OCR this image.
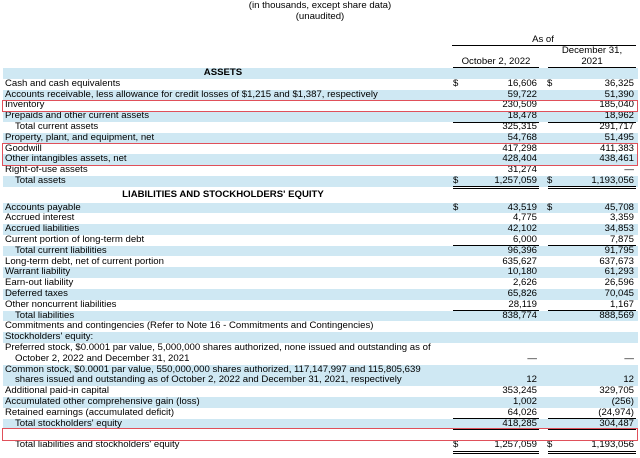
(in thousands, except share data)
(unaudited)
As of
October 2, 2022
December 31,
2021
ASSETS
Cash and cash equivalents	$	16,606 $	36,325
Accounts receivable, less allowance for credit losses of $1,215 and $1,387, respectively	59,722	51,390
Inventory	230,509	185,040
Prepaids and other current assets	18,478	18,962
Total current assets	325,315	291,717
Property, plant, and equipment, net	54,768	51,495
Goodwill	417,298	411,383
Other intangibles assets, net	428,404	438,461
Right-of-use assets	31,274	—
Total assets	$	1,257,059 $	1,193,056
LIABILITIES AND STOCKHOLDERS' EQUITY
Accounts payable	$	43,519 $	45,708
Accrued interest	4,775	3,359
Accrued liabilities	42,102	34,853
Current portion of long-term debt	6,000	7,875
Total current liabilities	96,396	91,795
Long-term debt, net of current portion	635,627	637,673
Warrant liability	10,180	61,293
Earn-out liability	2,626	26,596
Deferred taxes	65,826	70,045
Other noncurrent liabilities	28,119	1,167
Total liabilities	838,774	888,569
Commitments and contingencies (Refer to Note 16 - Commitments and Contingencies)
Stockholders' equity:
Preferred stock, $0.0001 par value, 5,000,000 shares authorized, none issued and outstanding as of
October 2, 2022 and December 31, 2021	—	—
Common stock, $0.0001 par value, 550,000,000 shares authorized, 117,147,997 and 115,805,639
shares issued and outstanding as of October 2, 2022 and December 31, 2021, respectively	12	12
Additional paid-in capital	353,245	329,705
Accumulated other comprehensive gain (loss)	1,002	(256)
Retained earnings (accumulated deficit)	64,026	(24,974)
Total stockholders' equity	418,285	304,487
Total liabilities and stockholders' equity	$	1,257,059 $	1,193,056
